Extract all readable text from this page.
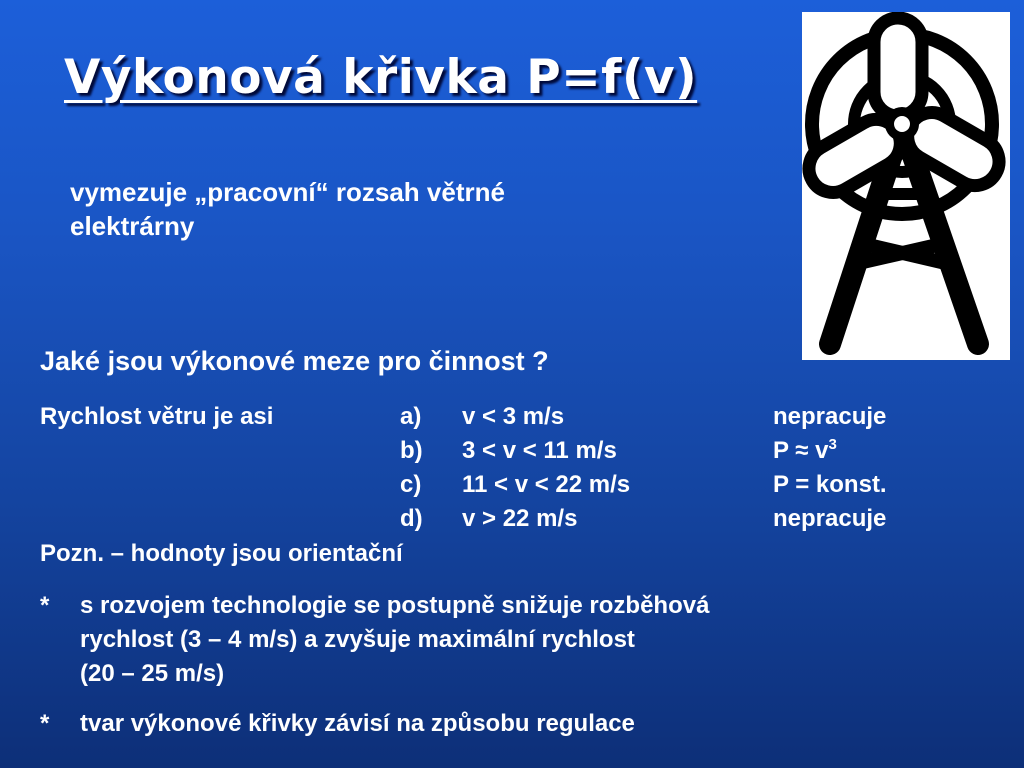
Výkonová křivka P=f(v)
vymezuje „pracovní“ rozsah větrné
elektrárny
Jaké jsou výkonové meze pro činnost ?
Rychlost větru je asi	a) v < 3 m/s	nepracuje
b) 3 < v < 11 m/s	$P \approx v^3$
c) 11 < v < 22 m/s	P = konst.
d) v > 22 m/s	nepracuje
Pozn. – hodnoty jsou orientační
* s rozvojem technologie se postupně snižuje rozběhová
rychlost (3 – 4 m/s) a zvyšuje maximální rychlost
(20 – 25 m/s)
* tvar výkonové křivky závisí na způsobu regulace
